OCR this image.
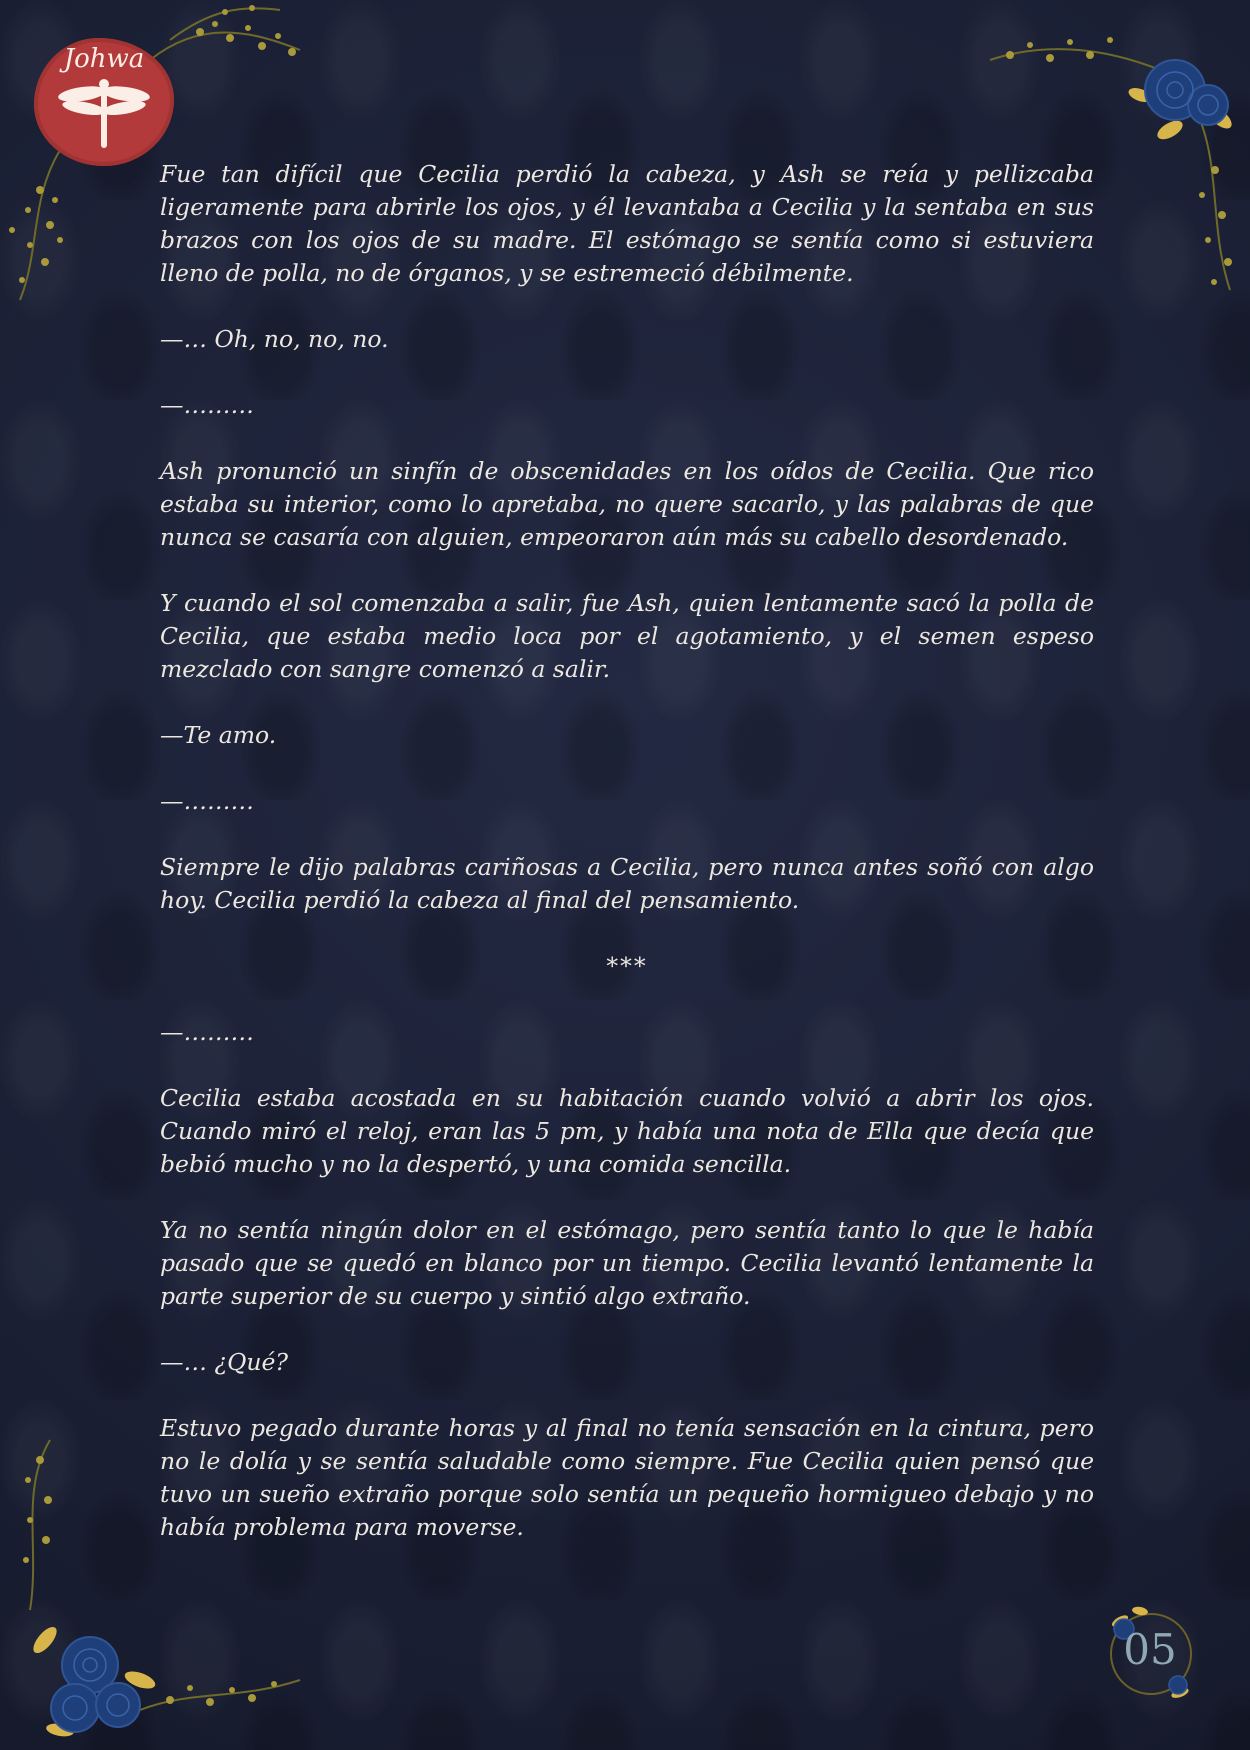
Johwa

Fue tan difícil que Cecilia perdió la cabeza, y Ash se reía y pellizcaba ligeramente para abrirle los ojos, y él levantaba a Cecilia y la sentaba en sus brazos con los ojos de su madre. El estómago se sentía como si estuviera lleno de polla, no de órganos, y se estremeció débilmente.

—… Oh, no, no, no.

—………

Ash pronunció un sinfín de obscenidades en los oídos de Cecilia. Que rico estaba su interior, como lo apretaba, no quere sacarlo, y las palabras de que nunca se casaría con alguien, empeoraron aún más su cabello desordenado.

Y cuando el sol comenzaba a salir, fue Ash, quien lentamente sacó la polla de Cecilia, que estaba medio loca por el agotamiento, y el semen espeso mezclado con sangre comenzó a salir.

—Te amo.

—………

Siempre le dijo palabras cariñosas a Cecilia, pero nunca antes soñó con algo hoy. Cecilia perdió la cabeza al final del pensamiento.

***

—………

Cecilia estaba acostada en su habitación cuando volvió a abrir los ojos. Cuando miró el reloj, eran las 5 pm, y había una nota de Ella que decía que bebió mucho y no la despertó, y una comida sencilla.

Ya no sentía ningún dolor en el estómago, pero sentía tanto lo que le había pasado que se quedó en blanco por un tiempo. Cecilia levantó lentamente la parte superior de su cuerpo y sintió algo extraño.

—… ¿Qué?

Estuvo pegado durante horas y al final no tenía sensación en la cintura, pero no le dolía y se sentía saludable como siempre. Fue Cecilia quien pensó que tuvo un sueño extraño porque solo sentía un pequeño hormigueo debajo y no había problema para moverse.

05
